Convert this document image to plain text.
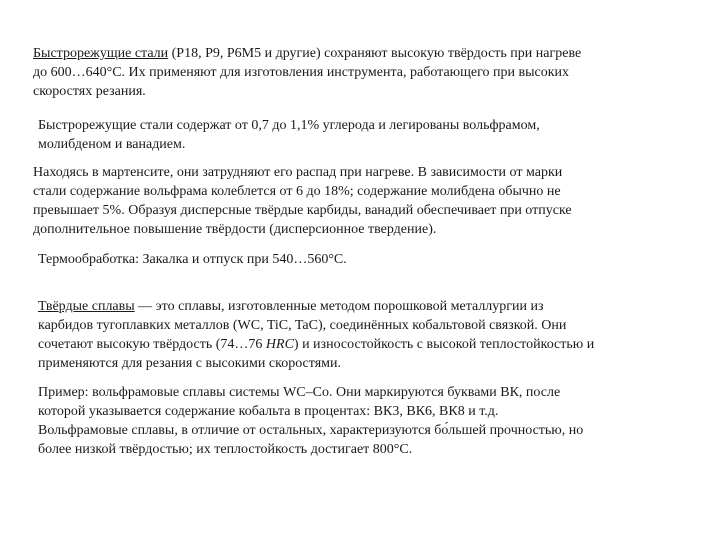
Быстрорежущие стали (Р18, Р9, Р6М5 и другие) сохраняют высокую твёрдость при нагреве
до 600…640°С. Их применяют для изготовления инструмента, работающего при высоких
скоростях резания.
Быстрорежущие стали содержат от 0,7 до 1,1% углерода и легированы вольфрамом,
молибденом и ванадием.
Находясь в мартенсите, они затрудняют его распад при нагреве. В зависимости от марки
стали содержание вольфрама колеблется от 6 до 18%; содержание молибдена обычно не
превышает 5%. Образуя дисперсные твёрдые карбиды, ванадий обеспечивает при отпуске
дополнительное повышение твёрдости (дисперсионное твердение).
Термообработка: Закалка и отпуск при 540…560°С.
Твёрдые сплавы — это сплавы, изготовленные методом порошковой металлургии из
карбидов тугоплавких металлов (WC, TiC, TaC), соединённых кобальтовой связкой. Они
сочетают высокую твёрдость (74…76 HRC) и износостойкость с высокой теплостойкостью и
применяются для резания с высокими скоростями.
Пример: вольфрамовые сплавы системы WC–Co. Они маркируются буквами ВК, после
которой указывается содержание кобальта в процентах: ВК3, ВК6, ВК8 и т.д.
Вольфрамовые сплавы, в отличие от остальных, характеризуются бо́льшей прочностью, но
более низкой твёрдостью; их теплостойкость достигает 800°С.
